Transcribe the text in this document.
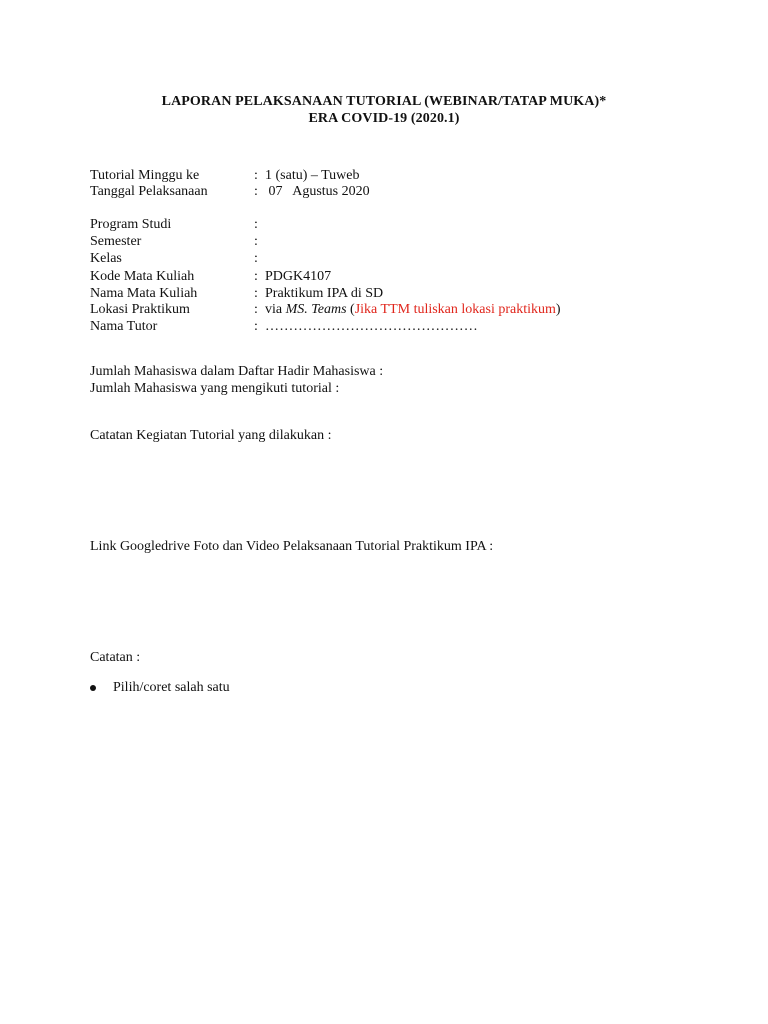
LAPORAN PELAKSANAAN TUTORIAL (WEBINAR/TATAP MUKA)*
ERA COVID-19 (2020.1)
Tutorial Minggu ke	: 1 (satu) – Tuweb
Tanggal Pelaksanaan	: 07   Agustus 2020
Program Studi	:
Semester	:
Kelas	:
Kode Mata Kuliah	: PDGK4107
Nama Mata Kuliah	: Praktikum IPA di SD
Lokasi Praktikum	: via MS. Teams (Jika TTM tuliskan lokasi praktikum)
Nama Tutor	: ………………………………………
Jumlah Mahasiswa dalam Daftar Hadir Mahasiswa :
Jumlah Mahasiswa yang mengikuti tutorial :
Catatan Kegiatan Tutorial yang dilakukan :
Link Googledrive Foto dan Video Pelaksanaan Tutorial Praktikum IPA :
Catatan :
Pilih/coret salah satu
